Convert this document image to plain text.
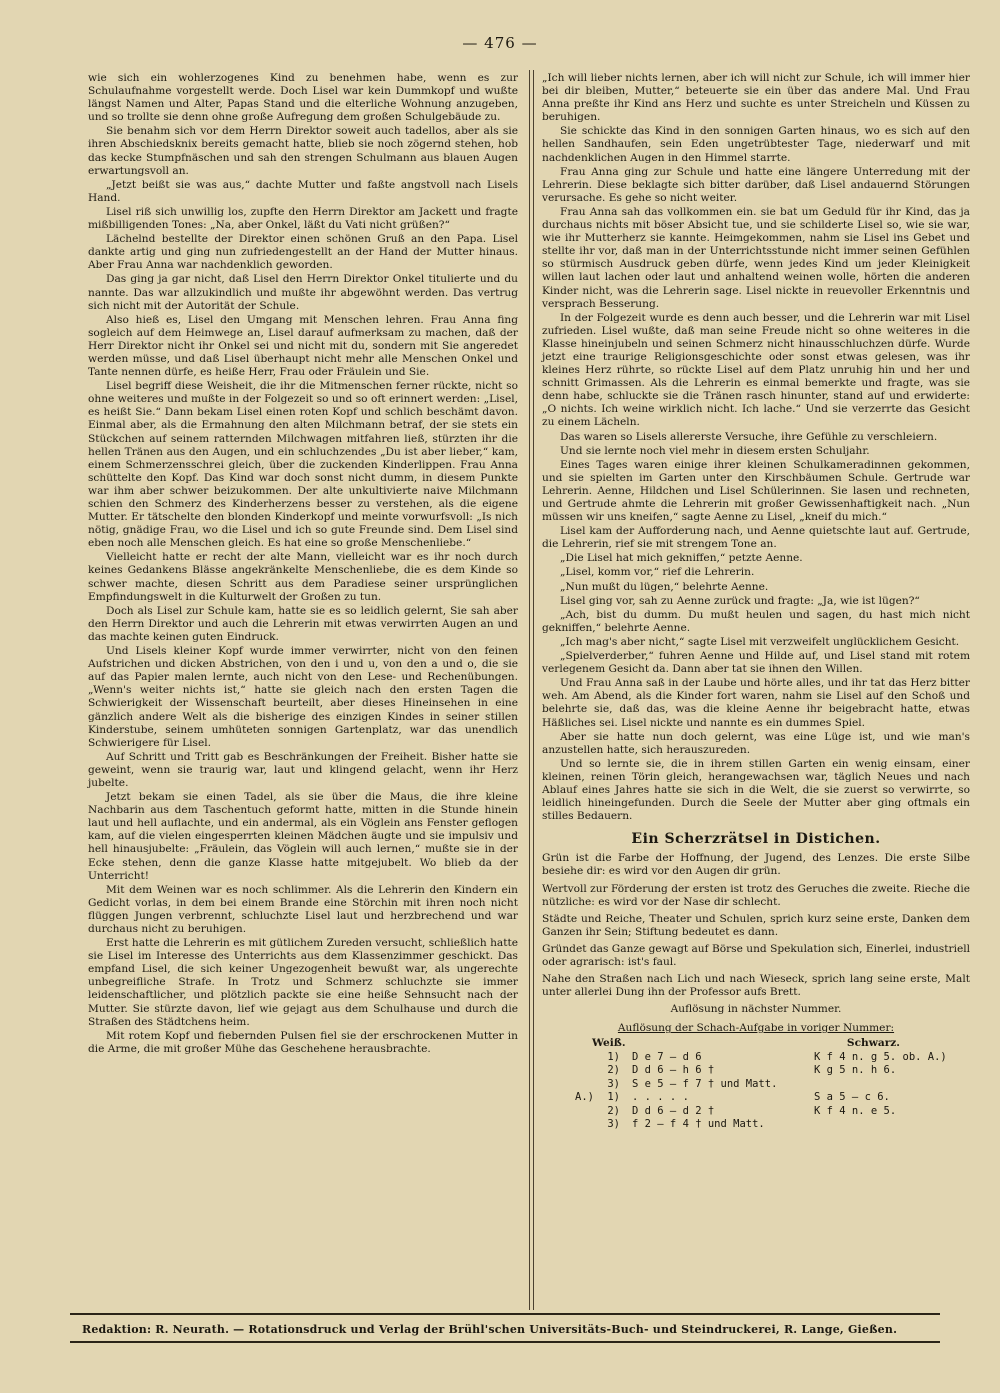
— 476 —

wie sich ein wohlerzogenes Kind zu benehmen habe, wenn es zur Schulaufnahme vorgestellt werde. Doch Lisel war kein Dummkopf und wußte längst Namen und Alter, Papas Stand und die elterliche Wohnung anzugeben, und so trollte sie denn ohne große Aufregung dem großen Schulgebäude zu.

Sie benahm sich vor dem Herrn Direktor soweit auch tadellos, aber als sie ihren Abschiedsknix bereits gemacht hatte, blieb sie noch zögernd stehen, hob das kecke Stumpfnäschen und sah den strengen Schulmann aus blauen Augen erwartungsvoll an.

„Jetzt beißt sie was aus,“ dachte Mutter und faßte angstvoll nach Lisels Hand.

Lisel riß sich unwillig los, zupfte den Herrn Direktor am Jackett und fragte mißbilligenden Tones: „Na, aber Onkel, läßt du Vati nicht grüßen?“

Lächelnd bestellte der Direktor einen schönen Gruß an den Papa. Lisel dankte artig und ging nun zufriedengestellt an der Hand der Mutter hinaus. Aber Frau Anna war nachdenklich geworden.

Das ging ja gar nicht, daß Lisel den Herrn Direktor Onkel titulierte und du nannte. Das war allzukindlich und mußte ihr abgewöhnt werden. Das vertrug sich nicht mit der Autorität der Schule.

Also hieß es, Lisel den Umgang mit Menschen lehren. Frau Anna fing sogleich auf dem Heimwege an, Lisel darauf aufmerksam zu machen, daß der Herr Direktor nicht ihr Onkel sei und nicht mit du, sondern mit Sie angeredet werden müsse, und daß Lisel überhaupt nicht mehr alle Menschen Onkel und Tante nennen dürfe, es heiße Herr, Frau oder Fräulein und Sie.

Lisel begriff diese Weisheit, die ihr die Mitmenschen ferner rückte, nicht so ohne weiteres und mußte in der Folgezeit so und so oft erinnert werden: „Lisel, es heißt Sie.“ Dann bekam Lisel einen roten Kopf und schlich beschämt davon. Einmal aber, als die Ermahnung den alten Milchmann betraf, der sie stets ein Stückchen auf seinem ratternden Milchwagen mitfahren ließ, stürzten ihr die hellen Tränen aus den Augen, und ein schluchzendes „Du ist aber lieber,“ kam, einem Schmerzensschrei gleich, über die zuckenden Kinderlippen. Frau Anna schüttelte den Kopf. Das Kind war doch sonst nicht dumm, in diesem Punkte war ihm aber schwer beizukommen. Der alte unkultivierte naive Milchmann schien den Schmerz des Kinderherzens besser zu verstehen, als die eigene Mutter. Er tätschelte den blonden Kinderkopf und meinte vorwurfsvoll: „Is nich nötig, gnädige Frau, wo die Lisel und ich so gute Freunde sind. Dem Lisel sind eben noch alle Menschen gleich. Es hat eine so große Menschenliebe.“

Vielleicht hatte er recht der alte Mann, vielleicht war es ihr noch durch keines Gedankens Blässe angekränkelte Menschenliebe, die es dem Kinde so schwer machte, diesen Schritt aus dem Paradiese seiner ursprünglichen Empfindungswelt in die Kulturwelt der Großen zu tun.

Doch als Lisel zur Schule kam, hatte sie es so leidlich gelernt, Sie sah aber den Herrn Direktor und auch die Lehrerin mit etwas verwirrten Augen an und das machte keinen guten Eindruck.

Und Lisels kleiner Kopf wurde immer verwirrter, nicht von den feinen Aufstrichen und dicken Abstrichen, von den i und u, von den a und o, die sie auf das Papier malen lernte, auch nicht von den Lese- und Rechenübungen. „Wenn's weiter nichts ist,“ hatte sie gleich nach den ersten Tagen die Schwierigkeit der Wissenschaft beurteilt, aber dieses Hineinsehen in eine gänzlich andere Welt als die bisherige des einzigen Kindes in seiner stillen Kinderstube, seinem umhüteten sonnigen Gartenplatz, war das unendlich Schwierigere für Lisel.

Auf Schritt und Tritt gab es Beschränkungen der Freiheit. Bisher hatte sie geweint, wenn sie traurig war, laut und klingend gelacht, wenn ihr Herz jubelte.

Jetzt bekam sie einen Tadel, als sie über die Maus, die ihre kleine Nachbarin aus dem Taschentuch geformt hatte, mitten in die Stunde hinein laut und hell auflachte, und ein andermal, als ein Vöglein ans Fenster geflogen kam, auf die vielen eingesperrten kleinen Mädchen äugte und sie impulsiv und hell hinausjubelte: „Fräulein, das Vöglein will auch lernen,“ mußte sie in der Ecke stehen, denn die ganze Klasse hatte mitgejubelt. Wo blieb da der Unterricht!

Mit dem Weinen war es noch schlimmer. Als die Lehrerin den Kindern ein Gedicht vorlas, in dem bei einem Brande eine Störchin mit ihren noch nicht flüggen Jungen verbrennt, schluchzte Lisel laut und herzbrechend und war durchaus nicht zu beruhigen.

Erst hatte die Lehrerin es mit gütlichem Zureden versucht, schließlich hatte sie Lisel im Interesse des Unterrichts aus dem Klassenzimmer geschickt. Das empfand Lisel, die sich keiner Ungezogenheit bewußt war, als ungerechte unbegreifliche Strafe. In Trotz und Schmerz schluchzte sie immer leidenschaftlicher, und plötzlich packte sie eine heiße Sehnsucht nach der Mutter. Sie stürzte davon, lief wie gejagt aus dem Schulhause und durch die Straßen des Städtchens heim.

Mit rotem Kopf und fiebernden Pulsen fiel sie der erschrockenen Mutter in die Arme, die mit großer Mühe das Geschehene herausbrachte.

„Ich will lieber nichts lernen, aber ich will nicht zur Schule, ich will immer hier bei dir bleiben, Mutter,“ beteuerte sie ein über das andere Mal. Und Frau Anna preßte ihr Kind ans Herz und suchte es unter Streicheln und Küssen zu beruhigen.

Sie schickte das Kind in den sonnigen Garten hinaus, wo es sich auf den hellen Sandhaufen, sein Eden ungetrübtester Tage, niederwarf und mit nachdenklichen Augen in den Himmel starrte.

Frau Anna ging zur Schule und hatte eine längere Unterredung mit der Lehrerin. Diese beklagte sich bitter darüber, daß Lisel andauernd Störungen verursache. Es gehe so nicht weiter.

Frau Anna sah das vollkommen ein. sie bat um Geduld für ihr Kind, das ja durchaus nichts mit böser Absicht tue, und sie schilderte Lisel so, wie sie war, wie ihr Mutterherz sie kannte. Heimgekommen, nahm sie Lisel ins Gebet und stellte ihr vor, daß man in der Unterrichtsstunde nicht immer seinen Gefühlen so stürmisch Ausdruck geben dürfe, wenn jedes Kind um jeder Kleinigkeit willen laut lachen oder laut und anhaltend weinen wolle, hörten die anderen Kinder nicht, was die Lehrerin sage. Lisel nickte in reuevoller Erkenntnis und versprach Besserung.

In der Folgezeit wurde es denn auch besser, und die Lehrerin war mit Lisel zufrieden. Lisel wußte, daß man seine Freude nicht so ohne weiteres in die Klasse hineinjubeln und seinen Schmerz nicht hinausschluchzen dürfe. Wurde jetzt eine traurige Religionsgeschichte oder sonst etwas gelesen, was ihr kleines Herz rührte, so rückte Lisel auf dem Platz unruhig hin und her und schnitt Grimassen. Als die Lehrerin es einmal bemerkte und fragte, was sie denn habe, schluckte sie die Tränen rasch hinunter, stand auf und erwiderte: „O nichts. Ich weine wirklich nicht. Ich lache.“ Und sie verzerrte das Gesicht zu einem Lächeln.

Das waren so Lisels allererste Versuche, ihre Gefühle zu verschleiern.

Und sie lernte noch viel mehr in diesem ersten Schuljahr.

Eines Tages waren einige ihrer kleinen Schulkameradinnen gekommen, und sie spielten im Garten unter den Kirschbäumen Schule. Gertrude war Lehrerin. Aenne, Hildchen und Lisel Schülerinnen. Sie lasen und rechneten, und Gertrude ahmte die Lehrerin mit großer Gewissenhaftigkeit nach. „Nun müssen wir uns kneifen,“ sagte Aenne zu Lisel, „kneif du mich.“

Lisel kam der Aufforderung nach, und Aenne quietschte laut auf. Gertrude, die Lehrerin, rief sie mit strengem Tone an.

„Die Lisel hat mich gekniffen,“ petzte Aenne.

„Lisel, komm vor,“ rief die Lehrerin.

„Nun mußt du lügen,“ belehrte Aenne.

Lisel ging vor, sah zu Aenne zurück und fragte: „Ja, wie ist lügen?“

„Ach, bist du dumm. Du mußt heulen und sagen, du hast mich nicht gekniffen,“ belehrte Aenne.

„Ich mag's aber nicht,“ sagte Lisel mit verzweifelt unglücklichem Gesicht.

„Spielverderber,“ fuhren Aenne und Hilde auf, und Lisel stand mit rotem verlegenem Gesicht da. Dann aber tat sie ihnen den Willen.

Und Frau Anna saß in der Laube und hörte alles, und ihr tat das Herz bitter weh. Am Abend, als die Kinder fort waren, nahm sie Lisel auf den Schoß und belehrte sie, daß das, was die kleine Aenne ihr beigebracht hatte, etwas Häßliches sei. Lisel nickte und nannte es ein dummes Spiel.

Aber sie hatte nun doch gelernt, was eine Lüge ist, und wie man's anzustellen hatte, sich herauszureden.

Und so lernte sie, die in ihrem stillen Garten ein wenig einsam, einer kleinen, reinen Törin gleich, herangewachsen war, täglich Neues und nach Ablauf eines Jahres hatte sie sich in die Welt, die sie zuerst so verwirrte, so leidlich hineingefunden. Durch die Seele der Mutter aber ging oftmals ein stilles Bedauern.

Ein Scherzrätsel in Distichen.

Grün ist die Farbe der Hoffnung, der Jugend, des Lenzes. Die erste Silbe besiehe dir: es wird vor den Augen dir grün.

Wertvoll zur Förderung der ersten ist trotz des Geruches die zweite. Rieche die nützliche: es wird vor der Nase dir schlecht.

Städte und Reiche, Theater und Schulen, sprich kurz seine erste, Danken dem Ganzen ihr Sein; Stiftung bedeutet es dann.

Gründet das Ganze gewagt auf Börse und Spekulation sich, Einerlei, industriell oder agrarisch: ist's faul.

Nahe den Straßen nach Lich und nach Wieseck, sprich lang seine erste, Malt unter allerlei Dung ihn der Professor aufs Brett.

Auflösung in nächster Nummer.
Auflösung der Schach-Aufgabe in voriger Nummer:
Weiß.	Schwarz.
	1)	D e 7 — d 6	K f 4 n. g 5. ob. A.)
	2)	D d 6 — h 6 †	K g 5 n. h 6.
	3)	S e 5 — f 7 † und Matt.	
A.)	1)	. . . . .	S a 5 — c 6.
	2)	D d 6 — d 2 †	K f 4 n. e 5.
	3)	f 2 — f 4 † und Matt.	
Redaktion: R. Neurath. — Rotationsdruck und Verlag der Brühl'schen Universitäts-Buch- und Steindruckerei, R. Lange, Gießen.
